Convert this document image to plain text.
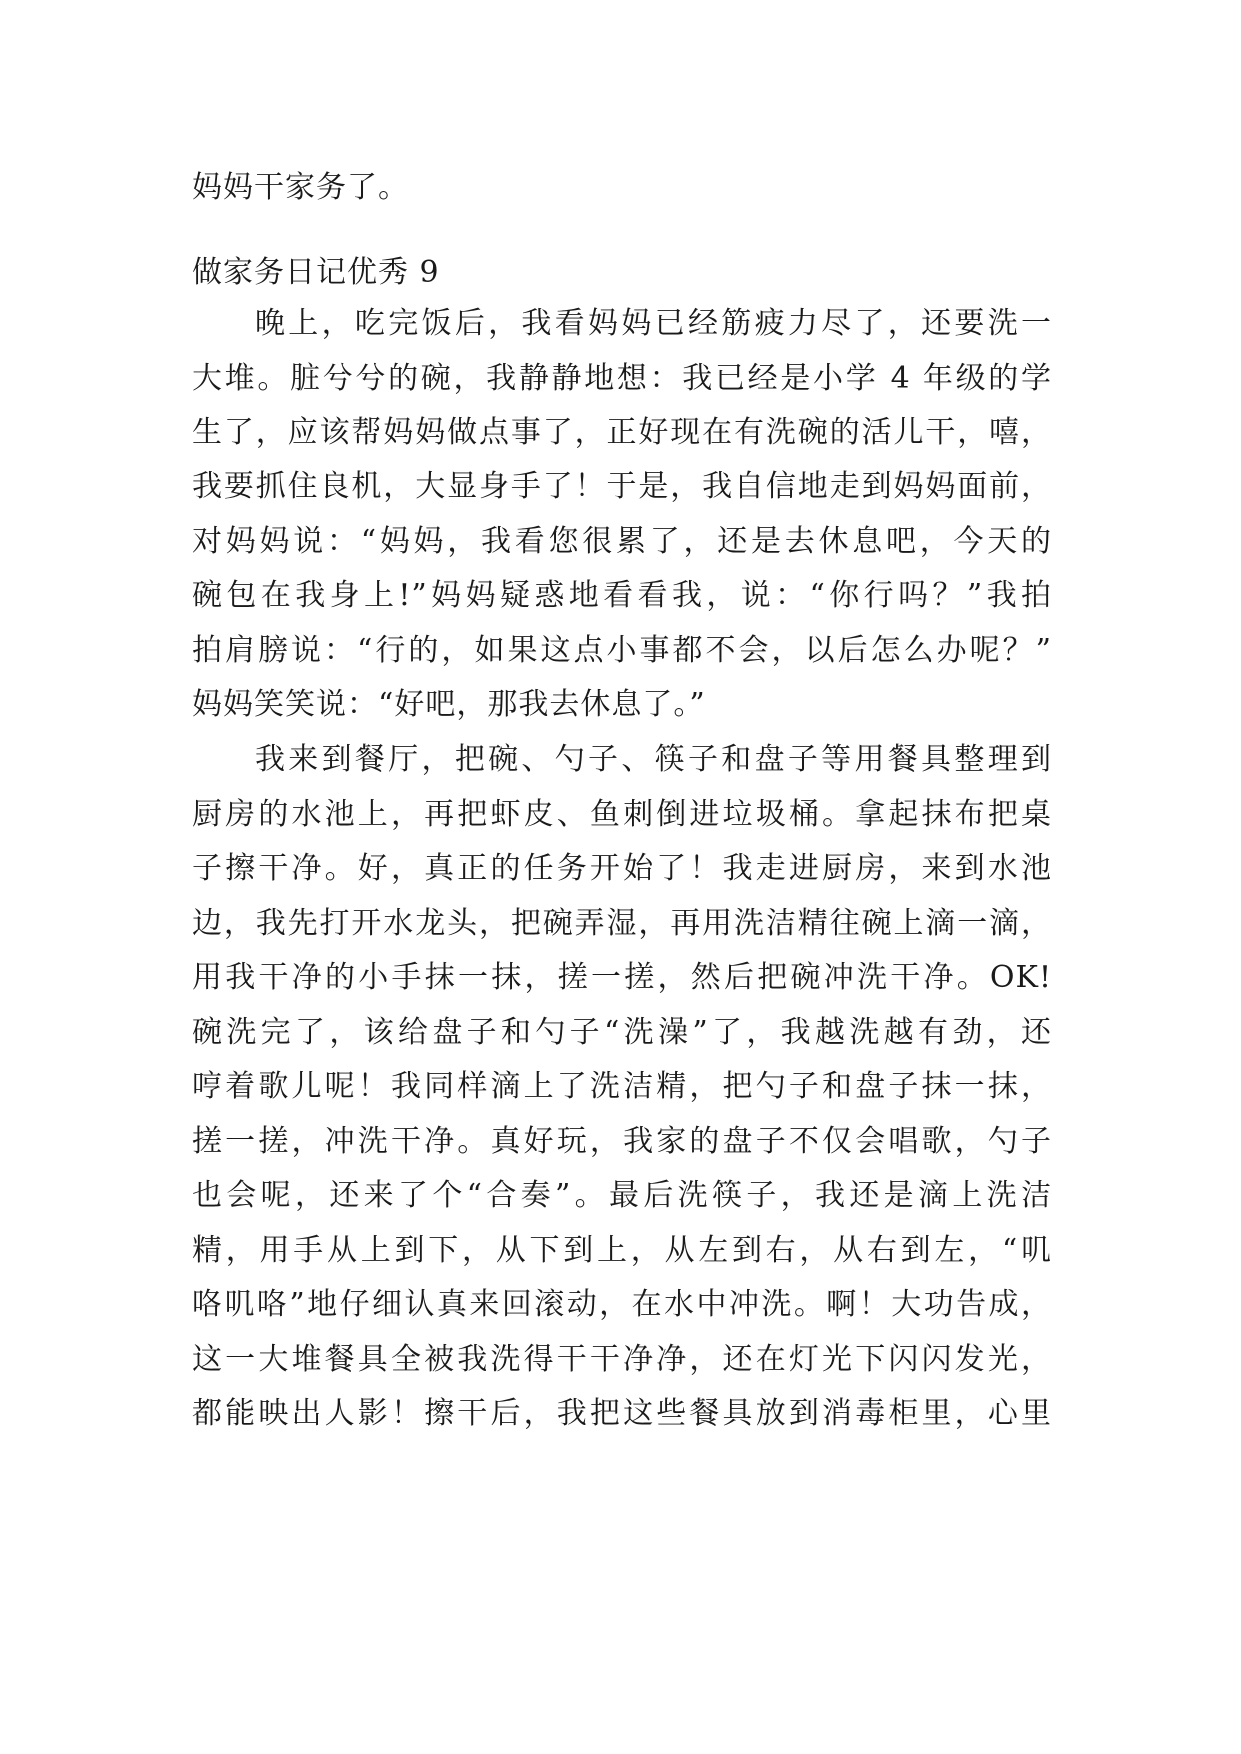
妈妈干家务了。
做家务日记优秀 9
晚上，吃完饭后，我看妈妈已经筋疲力尽了，还要洗一
大堆。脏兮兮的碗，我静静地想：我已经是小学 4 年级的学
生了，应该帮妈妈做点事了，正好现在有洗碗的活儿干，嘻，
我要抓住良机，大显身手了！于是，我自信地走到妈妈面前，
对妈妈说：“妈妈，我看您很累了，还是去休息吧，今天的
碗包在我身上!”妈妈疑惑地看看我，说：“你行吗？”我拍
拍肩膀说：“行的，如果这点小事都不会，以后怎么办呢？”
妈妈笑笑说：“好吧，那我去休息了。”
我来到餐厅，把碗、勺子、筷子和盘子等用餐具整理到
厨房的水池上，再把虾皮、鱼刺倒进垃圾桶。拿起抹布把桌
子擦干净。好，真正的任务开始了！我走进厨房，来到水池
边，我先打开水龙头，把碗弄湿，再用洗洁精往碗上滴一滴，
用我干净的小手抹一抹，搓一搓，然后把碗冲洗干净。OK!
碗洗完了，该给盘子和勺子“洗澡”了，我越洗越有劲，还
哼着歌儿呢！我同样滴上了洗洁精，把勺子和盘子抹一抹，
搓一搓，冲洗干净。真好玩，我家的盘子不仅会唱歌，勺子
也会呢，还来了个“合奏”。最后洗筷子，我还是滴上洗洁
精，用手从上到下，从下到上，从左到右，从右到左，“叽
咯叽咯”地仔细认真来回滚动，在水中冲洗。啊！大功告成，
这一大堆餐具全被我洗得干干净净，还在灯光下闪闪发光，
都能映出人影！擦干后，我把这些餐具放到消毒柜里，心里
